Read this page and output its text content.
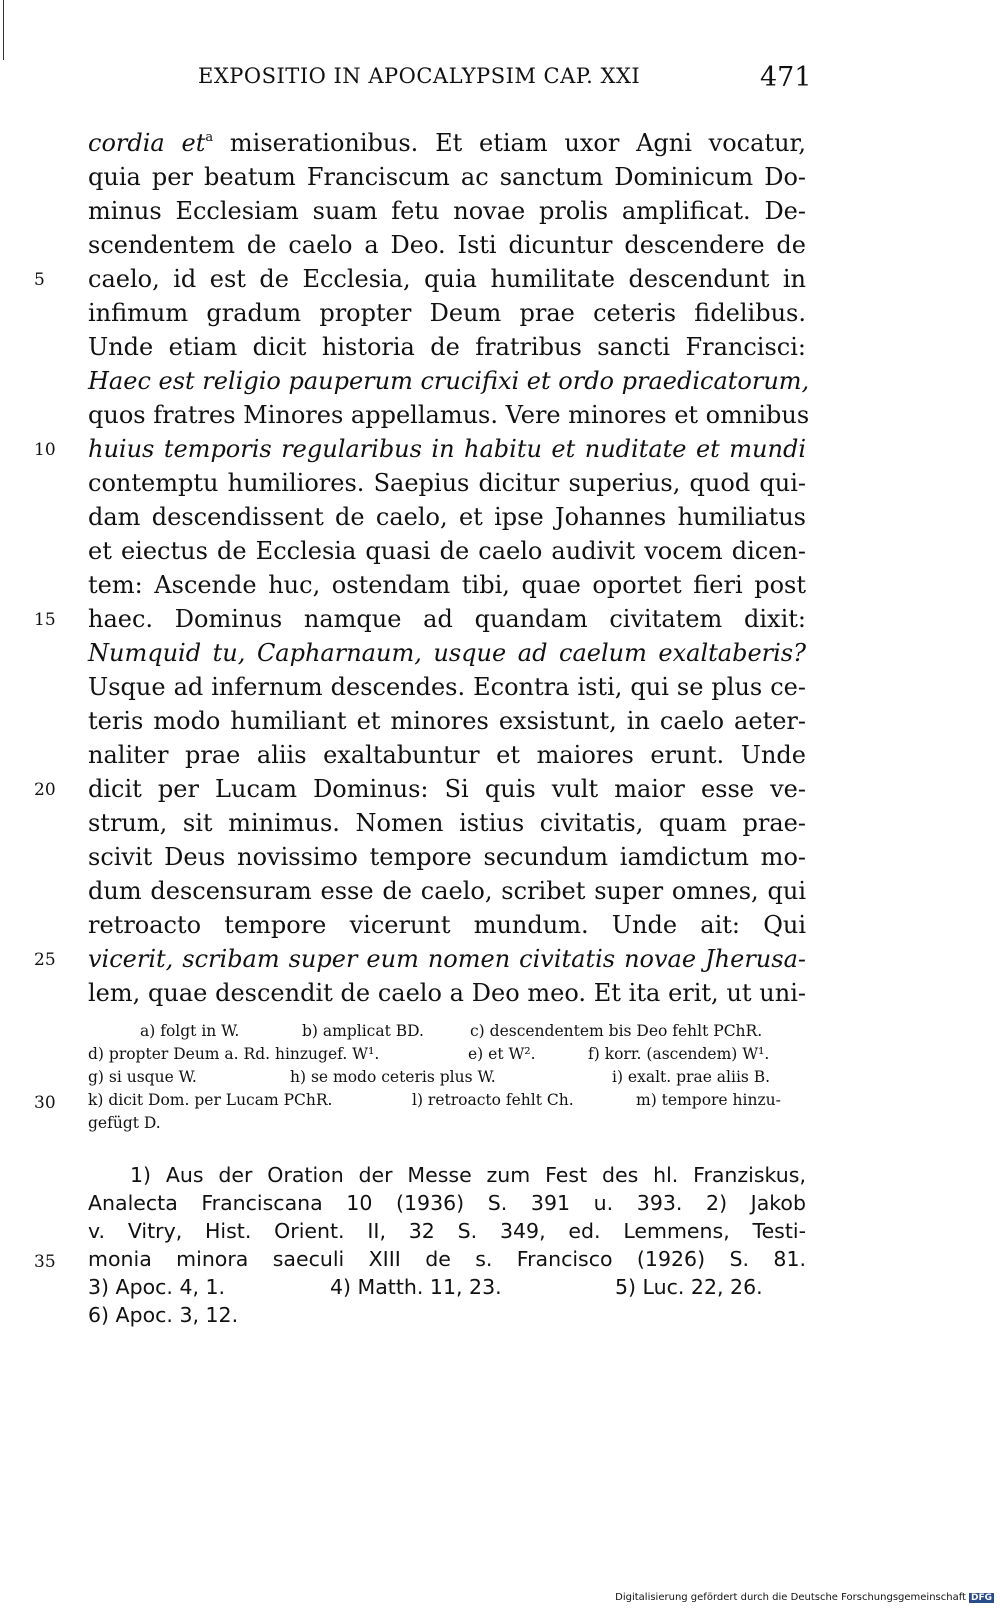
EXPOSITIO IN APOCALYPSIM CAP. XXI	471
cordia $et^a$ miserationibus. Et etiam uxor Agni vocatur,
quia per beatum Franciscum ac sanctum Dominicum Do-
minus Ecclesiam suam fetu novae prolis amplificat. De-
scendentem de caelo a Deo. Isti dicuntur descendere de
caelo, id est de Ecclesia, quia humilitate descendunt in
infimum gradum propter Deum prae ceteris fidelibus.
Unde etiam dicit historia de fratribus sancti Francisci:
Haec est religio pauperum crucifixi et ordo praedicatorum,
quos fratres Minores appellamus. Vere minores et omnibus
huius temporis regularibus in habitu et nuditate et mundi
contemptu humiliores. Saepius dicitur superius, quod qui-
dam descendissent de caelo, et ipse Johannes humiliatus
et eiectus de Ecclesia quasi de caelo audivit vocem dicen-
tem: Ascende huc, ostendam tibi, quae oportet fieri post
haec. Dominus namque ad quandam civitatem dixit:
Numquid tu, Capharnaum, usque ad caelum exaltaberis?
Usque ad infernum descendes. Econtra isti, qui se plus ce-
teris modo humiliant et minores exsistunt, in caelo aeter-
naliter prae aliis exaltabuntur et maiores erunt. Unde
dicit per Lucam Dominus: Si quis vult maior esse ve-
strum, sit minimus. Nomen istius civitatis, quam prae-
scivit Deus novissimo tempore secundum iamdictum mo-
dum descensuram esse de caelo, scribet super omnes, qui
retroacto tempore vicerunt mundum. Unde ait: Qui
vicerit, scribam super eum nomen civitatis novae Jherusa-
lem, quae descendit de caelo a Deo meo. Et ita erit, ut uni-
5
10
15
20
25
30
35
a) folgt in W.	b) amplicat BD.	c) descendentem bis Deo fehlt PChR.
d) propter Deum a. Rd. hinzugef. W¹.	e) et W².	f) korr. (ascendem) W¹.
g) si usque W.	h) se modo ceteris plus W.	i) exalt. prae aliis B.
k) dicit Dom. per Lucam PChR.	l) retroacto fehlt Ch.	m) tempore hinzu-
gefügt D.
1) Aus der Oration der Messe zum Fest des hl. Franziskus,
Analecta Franciscana 10 (1936) S. 391 u. 393. 2) Jakob
v. Vitry, Hist. Orient. II, 32 S. 349, ed. Lemmens, Testi-
monia minora saeculi XIII de s. Francisco (1926) S. 81.
3) Apoc. 4, 1.	4) Matth. 11, 23.	5) Luc. 22, 26.
6) Apoc. 3, 12.
Digitalisierung gefördert durch die Deutsche Forschungsgemeinschaft DFG
